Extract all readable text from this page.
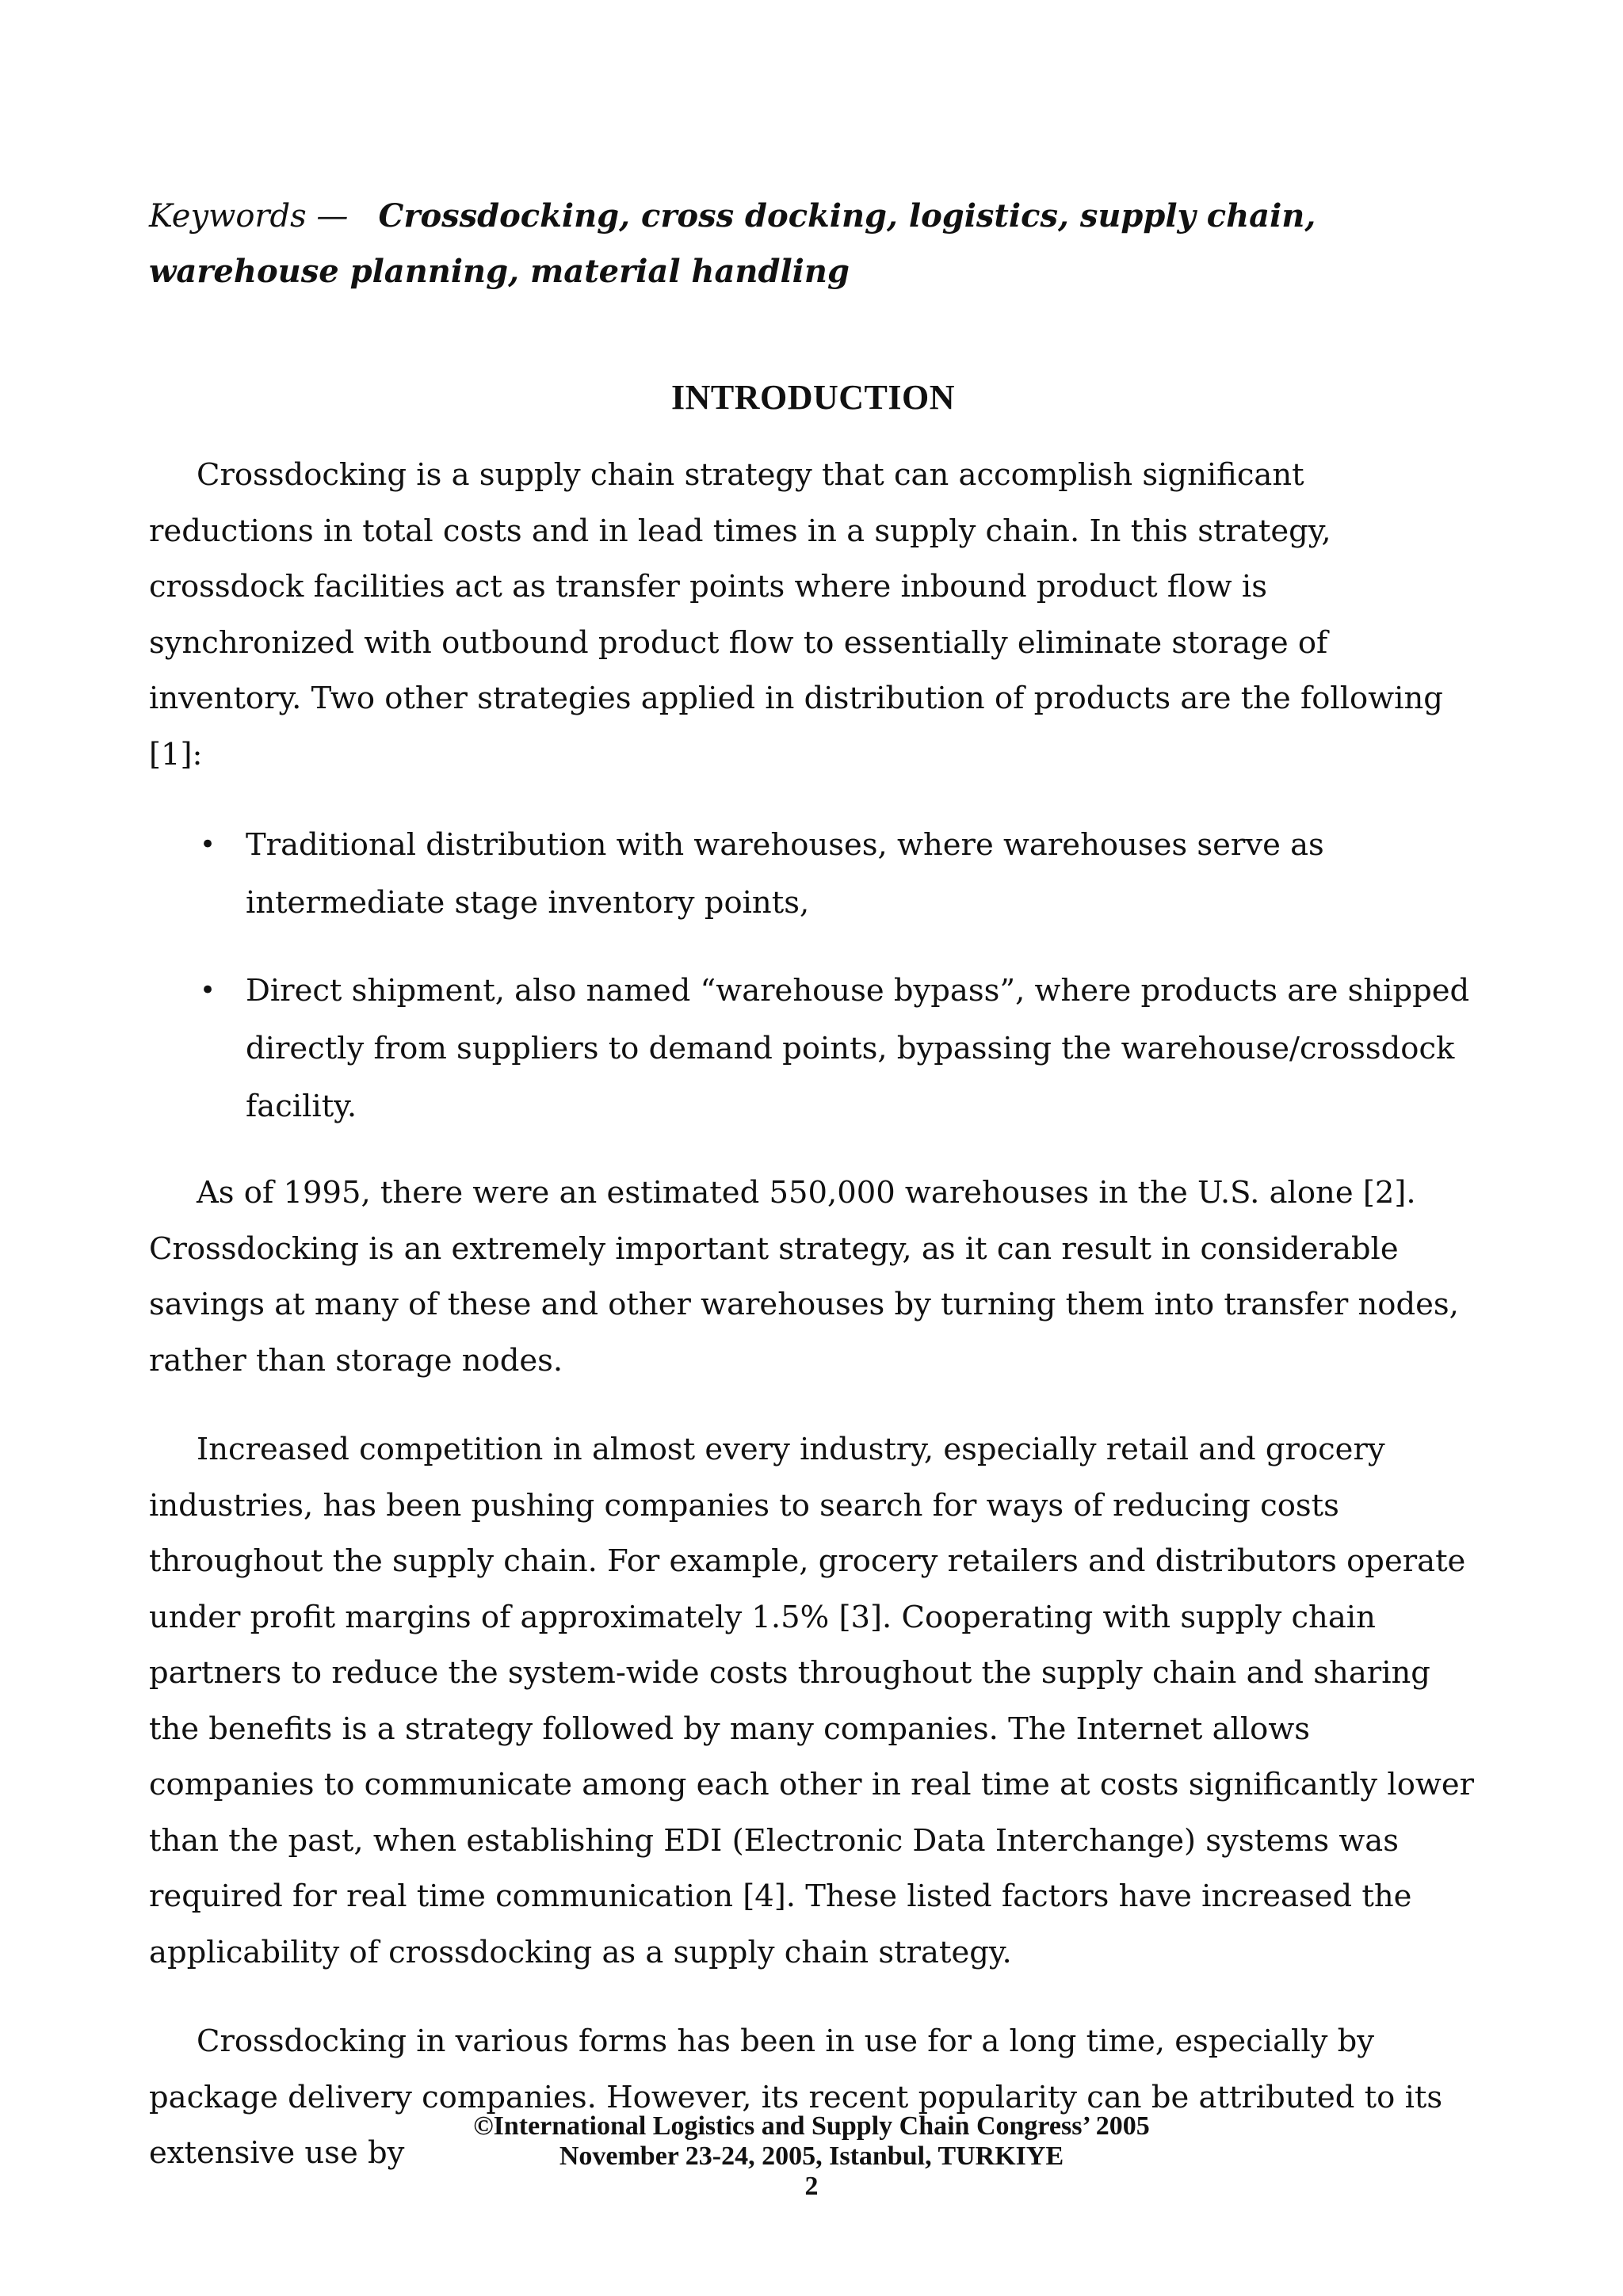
Keywords — Crossdocking, cross docking, logistics, supply chain, warehouse planning, material handling

INTRODUCTION

Crossdocking is a supply chain strategy that can accomplish significant reductions in total costs and in lead times in a supply chain. In this strategy, crossdock facilities act as transfer points where inbound product flow is synchronized with outbound product flow to essentially eliminate storage of inventory. Two other strategies applied in distribution of products are the following [1]:

• Traditional distribution with warehouses, where warehouses serve as intermediate stage inventory points,
• Direct shipment, also named “warehouse bypass”, where products are shipped directly from suppliers to demand points, bypassing the warehouse/crossdock facility.

As of 1995, there were an estimated 550,000 warehouses in the U.S. alone [2]. Crossdocking is an extremely important strategy, as it can result in considerable savings at many of these and other warehouses by turning them into transfer nodes, rather than storage nodes.

Increased competition in almost every industry, especially retail and grocery industries, has been pushing companies to search for ways of reducing costs throughout the supply chain. For example, grocery retailers and distributors operate under profit margins of approximately 1.5% [3]. Cooperating with supply chain partners to reduce the system-wide costs throughout the supply chain and sharing the benefits is a strategy followed by many companies. The Internet allows companies to communicate among each other in real time at costs significantly lower than the past, when establishing EDI (Electronic Data Interchange) systems was required for real time communication [4]. These listed factors have increased the applicability of crossdocking as a supply chain strategy.

Crossdocking in various forms has been in use for a long time, especially by package delivery companies. However, its recent popularity can be attributed to its extensive use by

©International Logistics and Supply Chain Congress’ 2005
November 23-24, 2005, Istanbul, TURKIYE
2
